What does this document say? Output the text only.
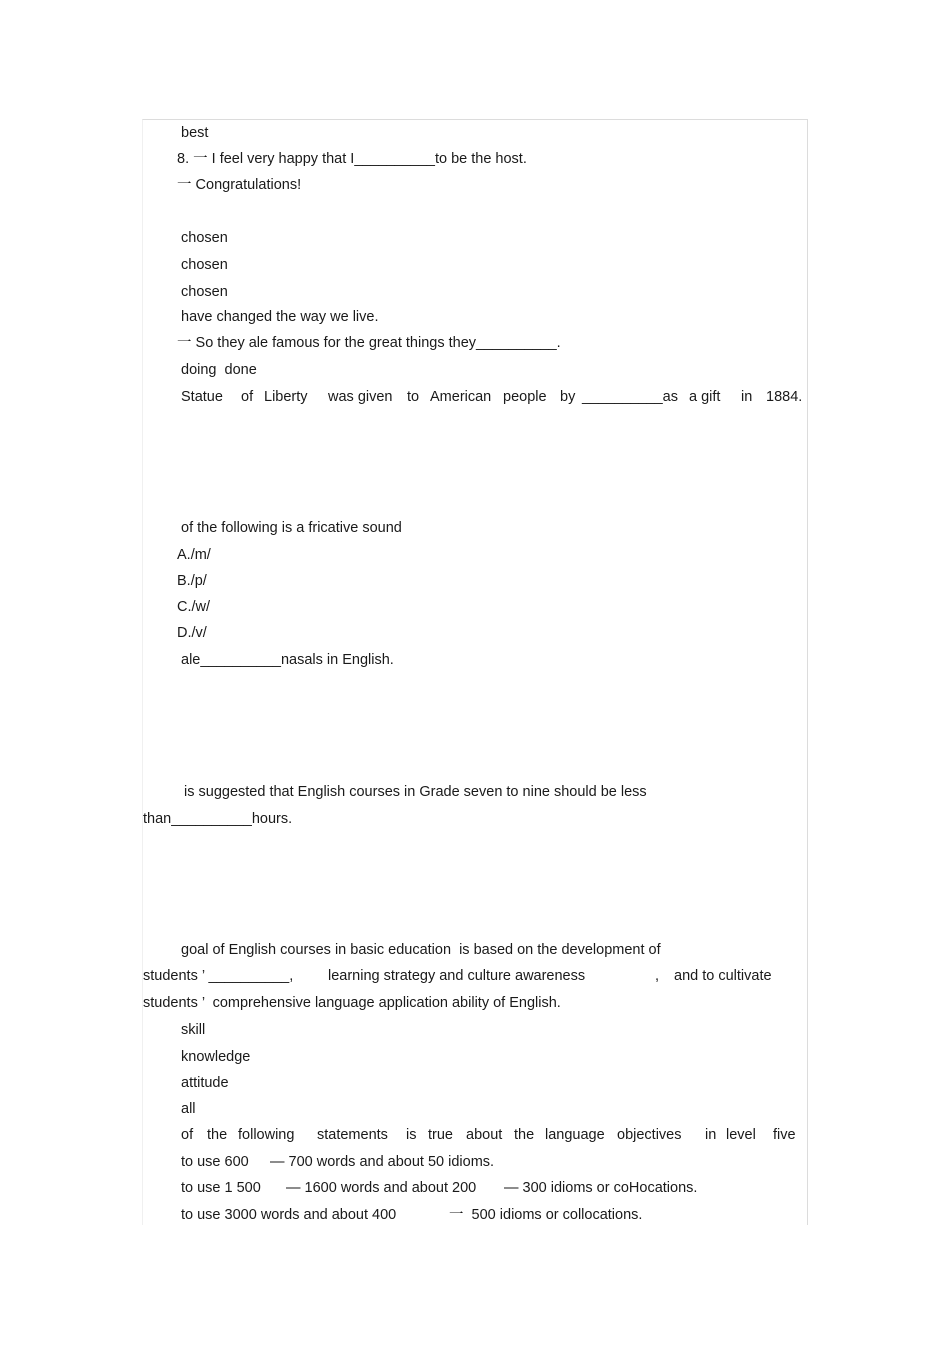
best
8. 一 I feel very happy that I__________to be the host.
一 Congratulations!
chosen
chosen
chosen
have changed the way we live.
一 So they ale famous for the great things they__________.
doing  done
Statue of Liberty was given to American people by __________as a gift in 1884.
of the following is a fricative sound
A./m/
B./p/
C./w/
D./v/
ale__________nasals in English.
is suggested that English courses in Grade seven to nine should be less
than__________hours.
goal of English courses in basic education  is based on the development of
students ’ __________, learning strategy and culture awareness	, and to cultivate
students ’  comprehensive language application ability of English.
skill
knowledge
attitude
all
of the following statements is true about the language objectives in level five
to use 600 — 700 words and about 50 idioms.
to use 1 500 — 1600 words and about 200 — 300 idioms or coHocations.
to use 3000 words and about 400	一  500 idioms or collocations.
